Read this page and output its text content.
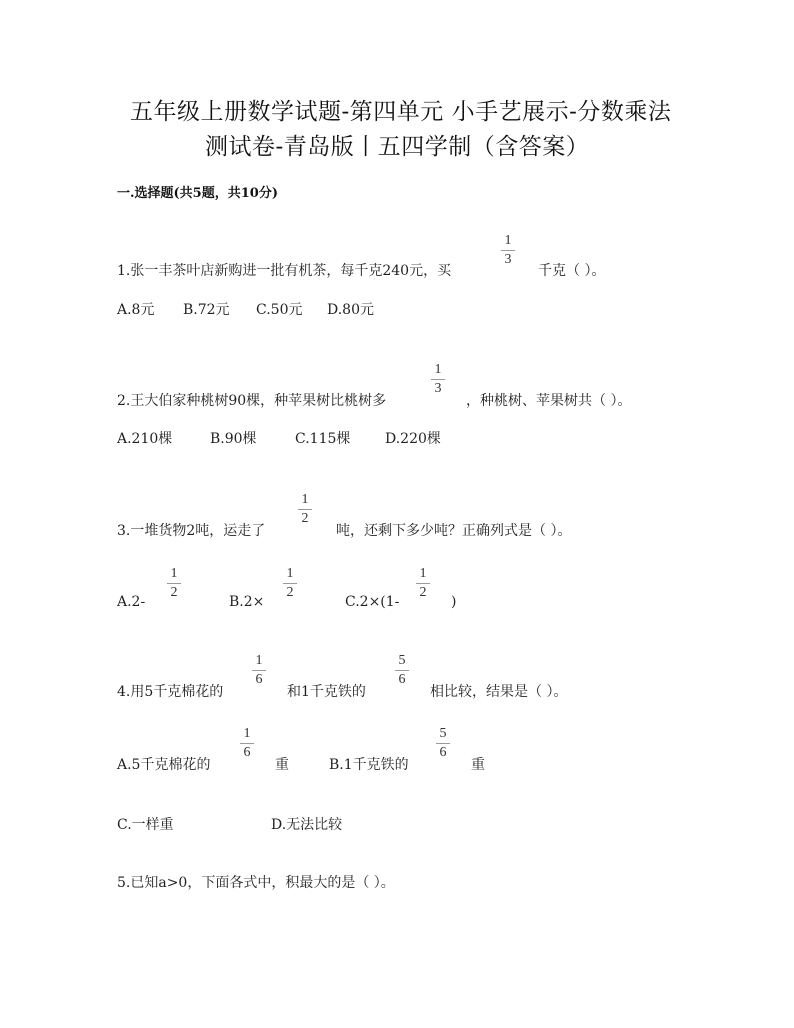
五年级上册数学试题-第四单元 小手艺展示-分数乘法
测试卷-青岛版丨五四学制（含答案）
一.选择题(共5题，共10分)
1.张一丰茶叶店新购进一批有机茶，每千克240元，买
1
3
千克（ ）。
A.8元 B.72元 C.50元 D.80元
2.王大伯家种桃树90棵，种苹果树比桃树多
1
3
，种桃树、苹果树共（ ）。
A.210棵	B.90棵	C.115棵 D.220棵
3.一堆货物2吨，运走了
1
2
吨，还剩下多少吨？正确列式是（ ）。
A.2-
1
2
B.2×
1
2
C.2×(1-
1
2
)
4.用5千克棉花的
1
6
和1千克铁的
5
6
相比较，结果是（ ）。
A.5千克棉花的
1
6
重	B.1千克铁的
5
6
重
C.一样重	D.无法比较
5.已知a>0，下面各式中，积最大的是（ ）。
